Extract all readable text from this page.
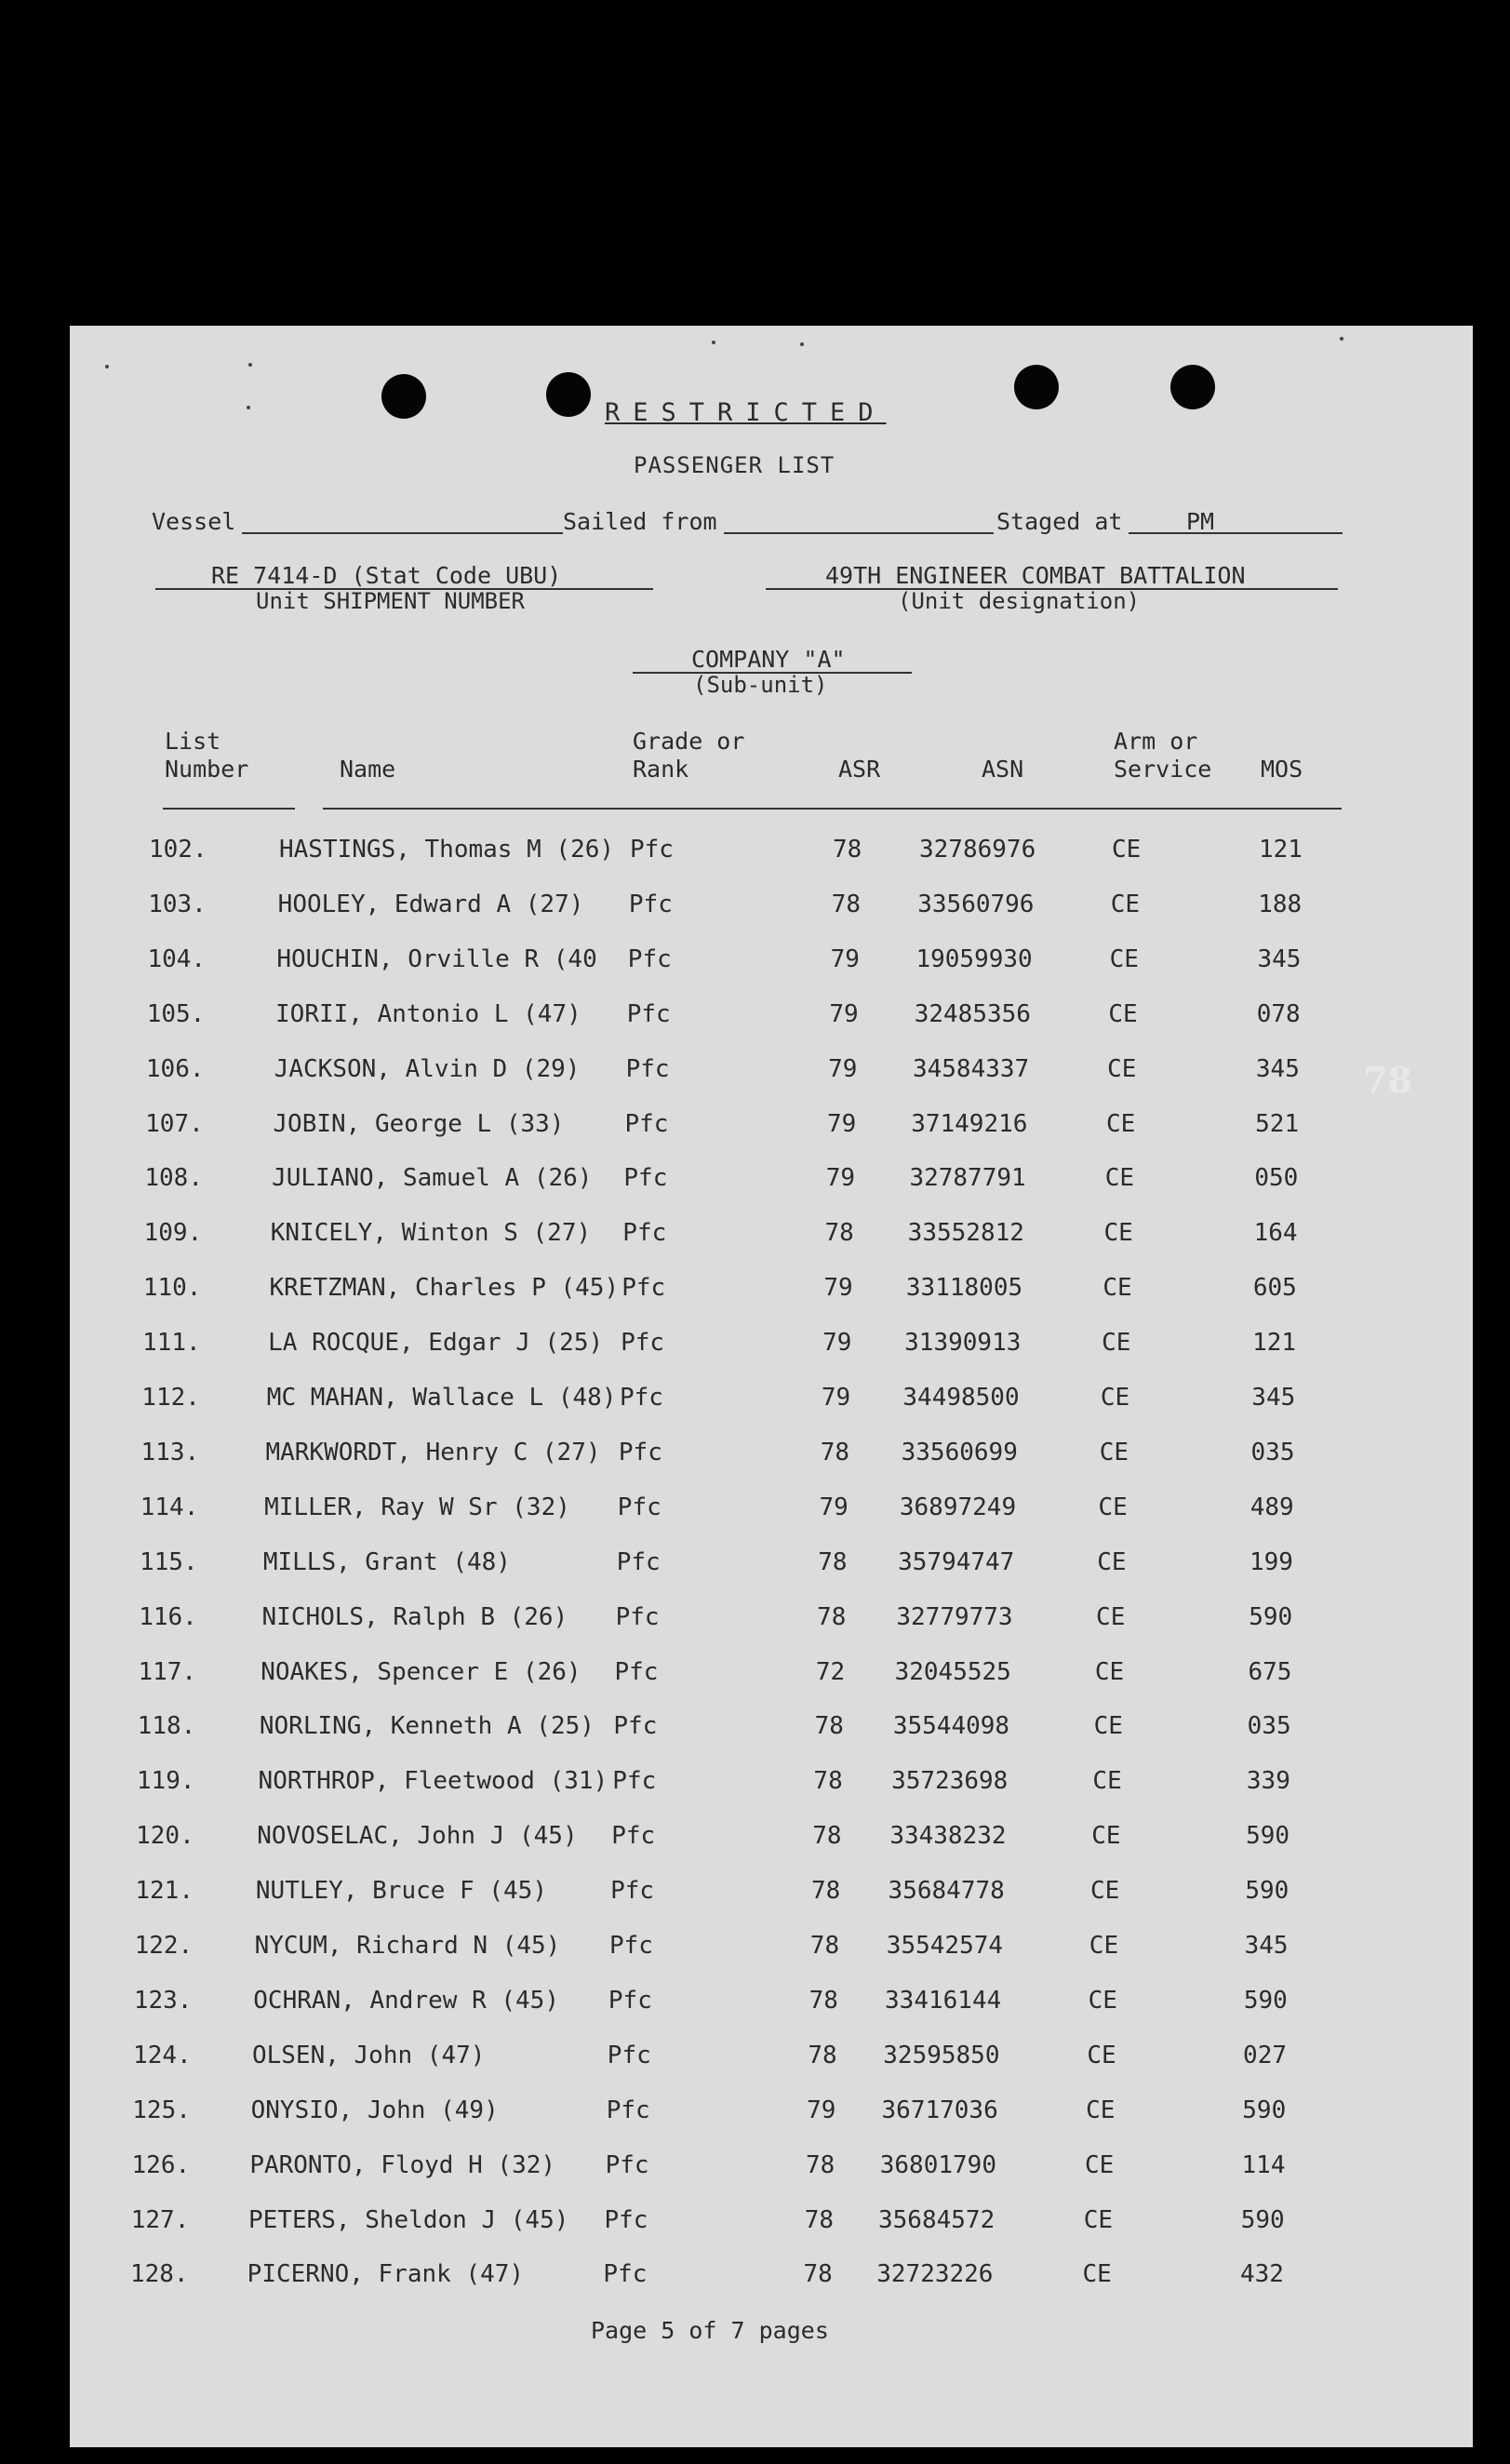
RESTRICTED
PASSENGER LIST
Vessel	Sailed from	Staged at	PM
RE 7414-D (Stat Code UBU)
Unit SHIPMENT NUMBER
49TH ENGINEER COMBAT BATTALION
(Unit designation)
COMPANY "A"
(Sub-unit)
List
Number	Name
Grade or
Rank	ASR	ASN
Arm or
Service MOS
102.	HASTINGS, Thomas M (26) Pfc	78 32786976	CE	121
103.	HOOLEY, Edward A (27) Pfc	78 33560796	CE	188
104.	HOUCHIN, Orville R (40 Pfc	79 19059930	CE	345
105.	IORII, Antonio L (47) Pfc	79 32485356	CE	078
106.	JACKSON, Alvin D (29) Pfc	79 34584337	CE	345
107.	JOBIN, George L (33)	Pfc	79 37149216	CE	521
108.	JULIANO, Samuel A (26) Pfc	79 32787791	CE	050
109.	KNICELY, Winton S (27) Pfc	78 33552812	CE	164
110.	KRETZMAN, Charles P (45) Pfc	79 33118005	CE	605
111.	LA ROCQUE, Edgar J (25) Pfc	79 31390913	CE	121
112.	MC MAHAN, Wallace L (48) Pfc	79 34498500	CE	345
113.	MARKWORDT, Henry C (27) Pfc	78 33560699	CE	035
114.	MILLER, Ray W Sr (32) Pfc	79 36897249	CE	489
115.	MILLS, Grant (48)	Pfc	78 35794747	CE	199
116.	NICHOLS, Ralph B (26) Pfc	78 32779773	CE	590
117.	NOAKES, Spencer E (26) Pfc	72 32045525	CE	675
118.	NORLING, Kenneth A (25) Pfc	78 35544098	CE	035
119.	NORTHROP, Fleetwood (31) Pfc	78 35723698	CE	339
120.	NOVOSELAC, John J (45) Pfc	78 33438232	CE	590
121.	NUTLEY, Bruce F (45)	Pfc	78 35684778	CE	590
122.	NYCUM, Richard N (45) Pfc	78 35542574	CE	345
123.	OCHRAN, Andrew R (45) Pfc	78 33416144	CE	590
124.	OLSEN, John (47)	Pfc	78 32595850	CE	027
125. ONYSIO, John (49)	Pfc	79 36717036	CE	590
126. PARONTO, Floyd H (32) Pfc	78 36801790	CE	114
127. PETERS, Sheldon J (45) Pfc	78 35684572	CE	590
128. PICERNO, Frank (47)	Pfc	78 32723226	CE	432
Page 5 of 7 pages
78
